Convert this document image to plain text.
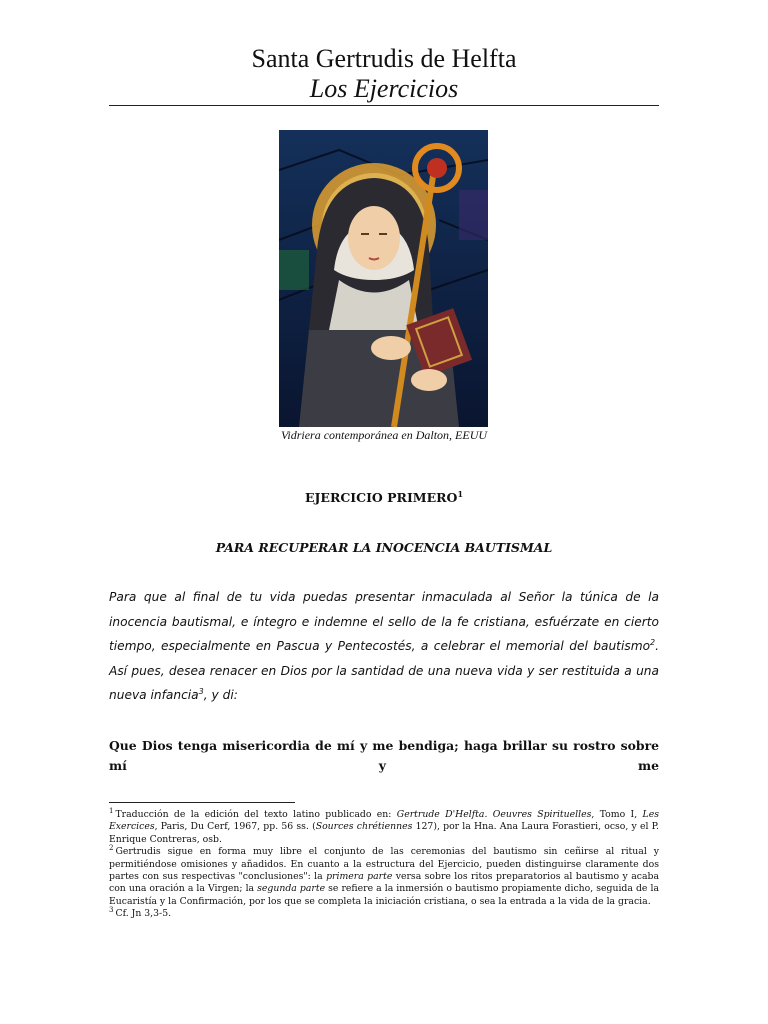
Santa Gertrudis de Helfta
Los Ejercicios
Vidriera contemporánea en Dalton, EEUU
EJERCICIO PRIMERO$^1$
PARA RECUPERAR LA INOCENCIA BAUTISMAL

Para que al final de tu vida puedas presentar inmaculada al Señor la túnica de la inocencia bautismal, e íntegro e indemne el sello de la fe cristiana, esfuérzate en cierto tiempo, especialmente en Pascua y Pentecostés, a celebrar el memorial del bautismo$^2$. Así pues, desea renacer en Dios por la santidad de una nueva vida y ser restituida a una nueva infancia$^3$, y di:

Que Dios tenga misericordia de mí y me bendiga; haga brillar su rostro sobre mí y me

$^1$ Traducción de la edición del texto latino publicado en: Gertrude D'Helfta. Oeuvres Spirituelles, Tomo I, Les Exercices, Paris, Du Cerf, 1967, pp. 56 ss. (Sources chrétiennes 127), por la Hna. Ana Laura Forastieri, ocso, y el P. Enrique Contreras, osb.

$^2$ Gertrudis sigue en forma muy libre el conjunto de las ceremonias del bautismo sin ceñirse al ritual y permitiéndose omisiones y añadidos. En cuanto a la estructura del Ejercicio, pueden distinguirse claramente dos partes con sus respectivas "conclusiones": la primera parte versa sobre los ritos preparatorios al bautismo y acaba con una oración a la Virgen; la segunda parte se refiere a la inmersión o bautismo propiamente dicho, seguida de la Eucaristía y la Confirmación, por los que se completa la iniciación cristiana, o sea la entrada a la vida de la gracia.

$^3$ Cf. Jn 3,3-5.
